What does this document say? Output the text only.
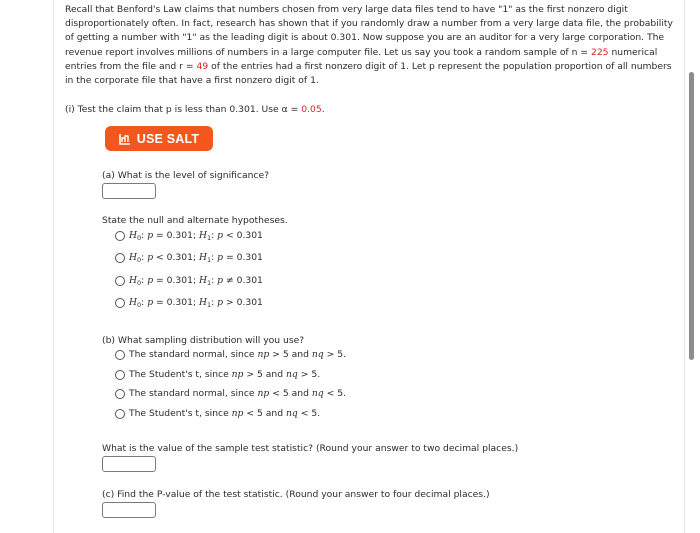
Recall that Benford's Law claims that numbers chosen from very large data files tend to have "1" as the first nonzero digit disproportionately often. In fact, research has shown that if you randomly draw a number from a very large data file, the probability of getting a number with "1" as the leading digit is about 0.301. Now suppose you are an auditor for a very large corporation. The revenue report involves millions of numbers in a large computer file. Let us say you took a random sample of n = 225 numerical entries from the file and r = 49 of the entries had a first nonzero digit of 1. Let p represent the population proportion of all numbers in the corporate file that have a first nonzero digit of 1.
(i) Test the claim that p is less than 0.301. Use α = 0.05.
USE SALT
(a) What is the level of significance?
State the null and alternate hypotheses.
$H_0$: p = 0.301; $H_1$: p < 0.301
$H_0$: p < 0.301; $H_1$: p = 0.301
$H_0$: p = 0.301; $H_1$: p ≠ 0.301
$H_0$: p = 0.301; $H_1$: p > 0.301
(b) What sampling distribution will you use?
The standard normal, since np > 5 and nq > 5.
The Student's t, since np > 5 and nq > 5.
The standard normal, since np < 5 and nq < 5.
The Student's t, since np < 5 and nq < 5.
What is the value of the sample test statistic? (Round your answer to two decimal places.)
(c) Find the P-value of the test statistic. (Round your answer to four decimal places.)
